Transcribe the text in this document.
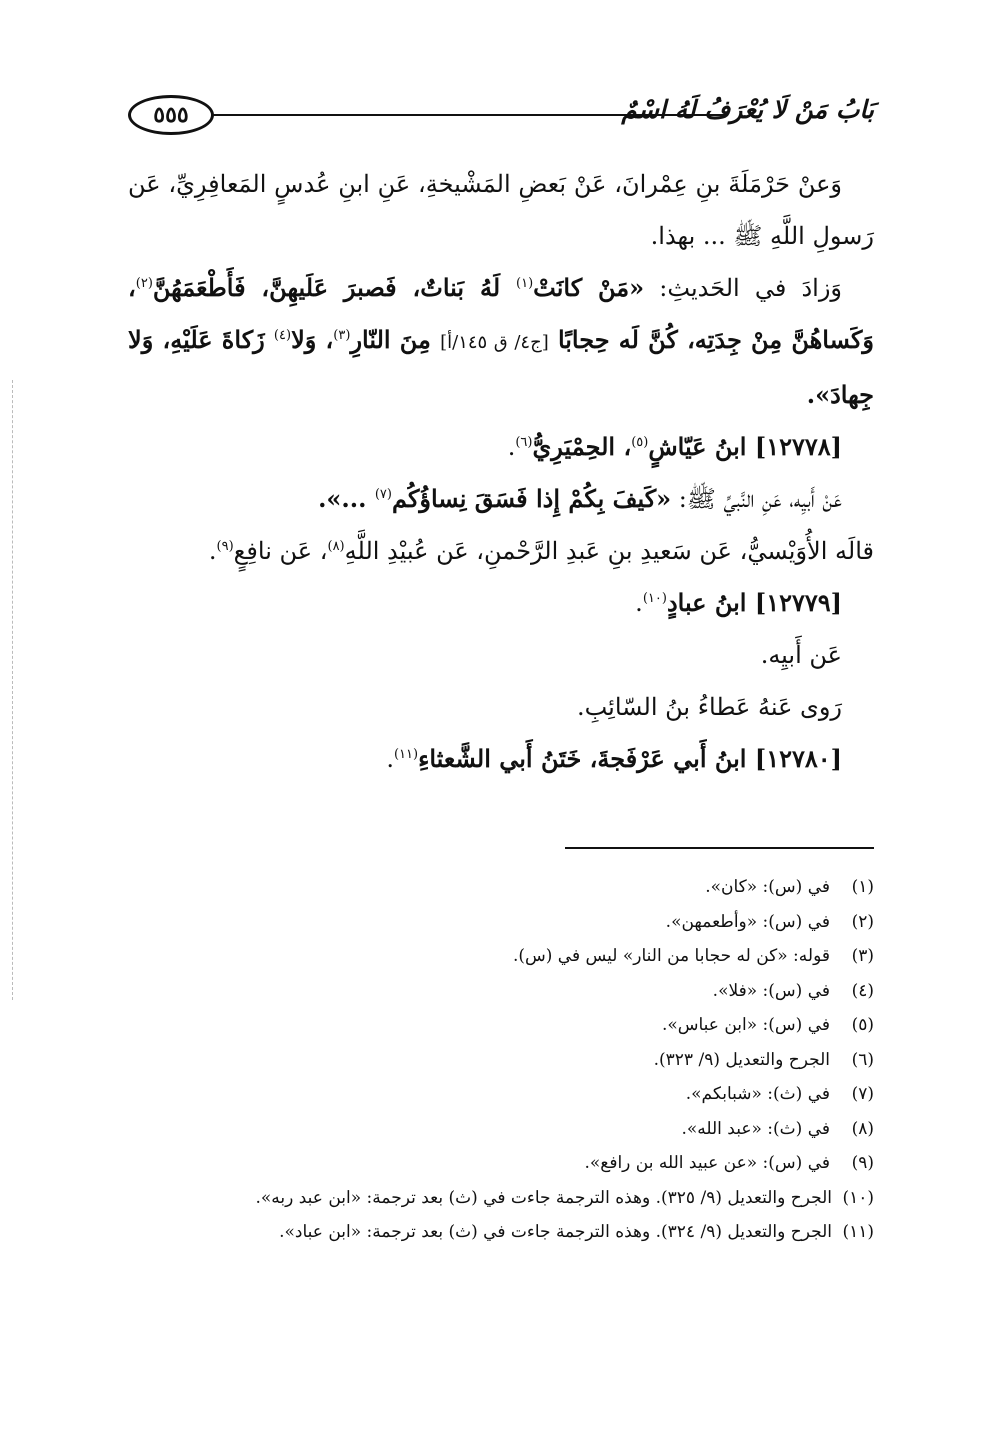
٥٥٥	بَابُ مَنْ لَا يُعْرَفُ لَهُ اسْمٌ

وَعنْ حَرْمَلَةَ بنِ عِمْرانَ، عَنْ بَعضِ المَشْيخةِ، عَنِ ابنِ عُدسٍ المَعافِرِيِّ، عَن رَسولِ اللَّهِ ﷺ ... بهذا.

وَزادَ في الحَديثِ: «مَنْ كانَتْ$^{(١)}$ لَهُ بَناتٌ، فَصبرَ عَلَيهِنَّ، فَأَطْعَمَهُنَّ$^{(٢)}$، وَكَساهُنَّ مِنْ جِدَتِه، كُنَّ لَه حِجابًا [ج٤/ ق ١٤٥/أ] مِنَ النّارِ$^{(٣)}$، وَلا$^{(٤)}$ زَكاةَ عَلَيْهِ، وَلا جِهادَ».

[١٢٧٧٨] ابنُ عَيّاشٍ$^{(٥)}$، الحِمْيَرِيُّ$^{(٦)}$.

عَنْ أَبيِه، عَنِ النَّبيِّ ﷺ: «كَيفَ بِكُمْ إِذا فَسَقَ نِساؤُكُم$^{(٧)}$ ...».

قالَه الأُوَيْسيُّ، عَن سَعيدِ بنِ عَبدِ الرَّحْمنِ، عَن عُبيْدِ اللَّهِ$^{(٨)}$، عَن نافِعٍ$^{(٩)}$.

[١٢٧٧٩] ابنُ عبادٍ$^{(١٠)}$.

عَن أَبيِه.

رَوى عَنهُ عَطاءُ بنُ السّائِبِ.

[١٢٧٨٠] ابنُ أَبي عَرْفَجةَ، خَتَنُ أَبي الشَّعثاءِ$^{(١١)}$.

(١)في (س): «كان».

(٢)في (س): «وأطعمهن».

(٣)قوله: «كن له حجابا من النار» ليس في (س).

(٤)في (س): «فلا».

(٥)في (س): «ابن عباس».

(٦)الجرح والتعديل (٩/ ٣٢٣).

(٧)في (ث): «شبابكم».

(٨)في (ث): «عبد الله».

(٩)في (س): «عن عبيد الله بن رافع».

(١٠)الجرح والتعديل (٩/ ٣٢٥). وهذه الترجمة جاءت في (ث) بعد ترجمة: «ابن عبد ربه».

(١١)الجرح والتعديل (٩/ ٣٢٤). وهذه الترجمة جاءت في (ث) بعد ترجمة: «ابن عباد».
